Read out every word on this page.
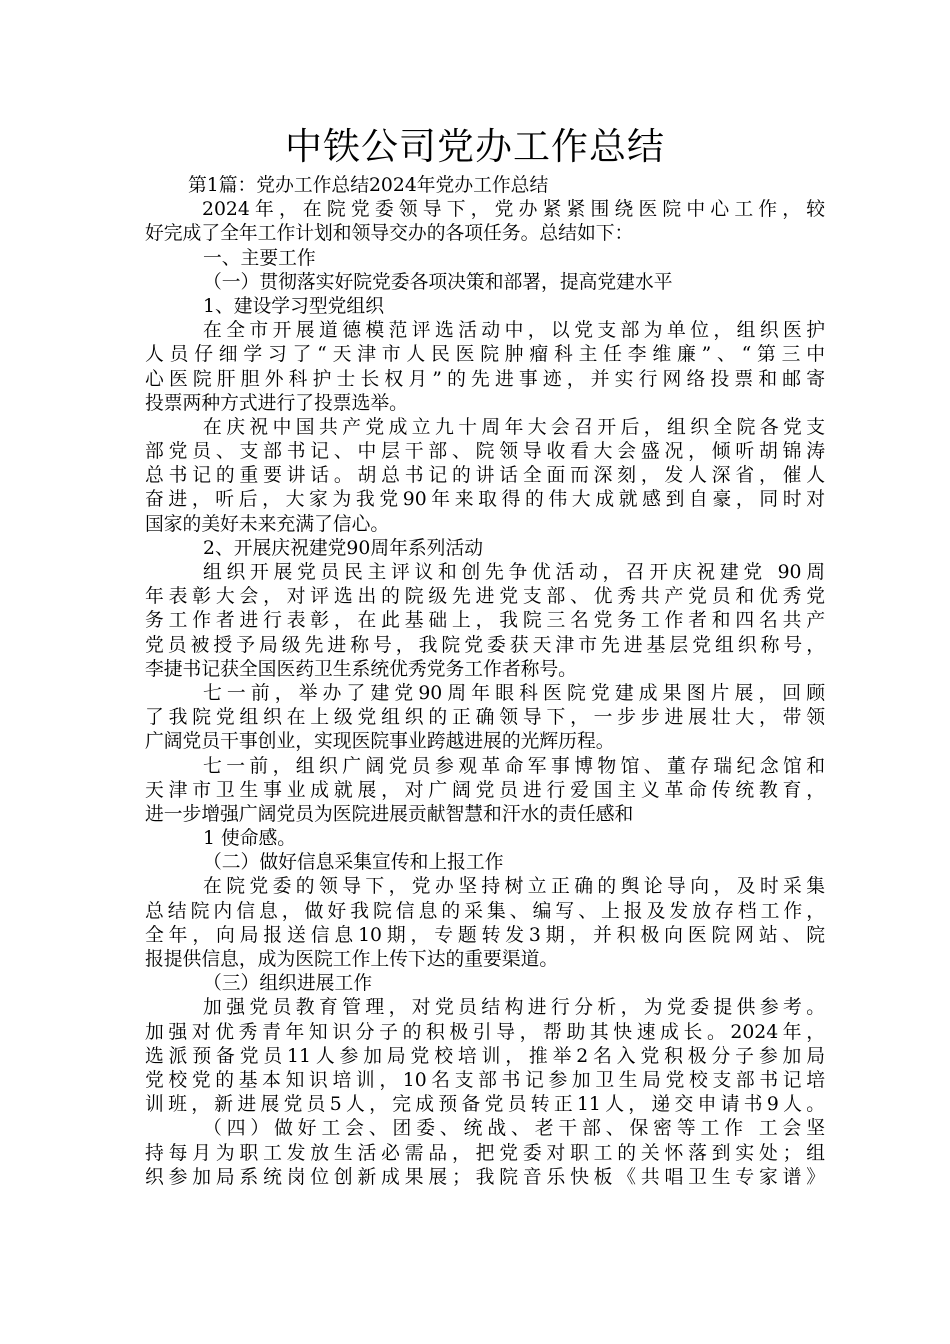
中铁公司党办工作总结
第1篇：党办工作总结2024年党办工作总结
2024年，在院党委领导下，党办紧紧围绕医院中心工作，较
好完成了全年工作计划和领导交办的各项任务。总结如下：
一、主要工作
（一）贯彻落实好院党委各项决策和部署，提高党建水平
1、建设学习型党组织
在全市开展道德模范评选活动中，以党支部为单位，组织医护
人员仔细学习了“天津市人民医院肿瘤科主任李维廉”、“第三中
心医院肝胆外科护士长权月”的先进事迹，并实行网络投票和邮寄
投票两种方式进行了投票选举。
在庆祝中国共产党成立九十周年大会召开后，组织全院各党支
部党员、支部书记、中层干部、院领导收看大会盛况，倾听胡锦涛
总书记的重要讲话。胡总书记的讲话全面而深刻，发人深省，催人
奋进，听后，大家为我党90年来取得的伟大成就感到自豪，同时对
国家的美好未来充满了信心。
2、开展庆祝建党90周年系列活动
组织开展党员民主评议和创先争优活动，召开庆祝建党 90周
年表彰大会，对评选出的院级先进党支部、优秀共产党员和优秀党
务工作者进行表彰，在此基础上，我院三名党务工作者和四名共产
党员被授予局级先进称号，我院党委获天津市先进基层党组织称号，
李捷书记获全国医药卫生系统优秀党务工作者称号。
七一前，举办了建党90周年眼科医院党建成果图片展，回顾
了我院党组织在上级党组织的正确领导下，一步步进展壮大，带领
广阔党员干事创业，实现医院事业跨越进展的光辉历程。
七一前，组织广阔党员参观革命军事博物馆、董存瑞纪念馆和
天津市卫生事业成就展，对广阔党员进行爱国主义革命传统教育，
进一步增强广阔党员为医院进展贡献智慧和汗水的责任感和
1 使命感。
（二）做好信息采集宣传和上报工作
在院党委的领导下，党办坚持树立正确的舆论导向，及时采集
总结院内信息，做好我院信息的采集、编写、上报及发放存档工作，
全年，向局报送信息10期，专题转发3期，并积极向医院网站、院
报提供信息，成为医院工作上传下达的重要渠道。
（三）组织进展工作
加强党员教育管理，对党员结构进行分析，为党委提供参考。
加强对优秀青年知识分子的积极引导，帮助其快速成长。2024年，
选派预备党员11人参加局党校培训，推举2名入党积极分子参加局
党校党的基本知识培训，10名支部书记参加卫生局党校支部书记培
训班，新进展党员5人，完成预备党员转正11人，递交申请书9人。
（四）做好工会、团委、统战、老干部、保密等工作 工会坚
持每月为职工发放生活必需品，把党委对职工的关怀落到实处；组
织参加局系统岗位创新成果展；我院音乐快板《共唱卫生专家谱》
